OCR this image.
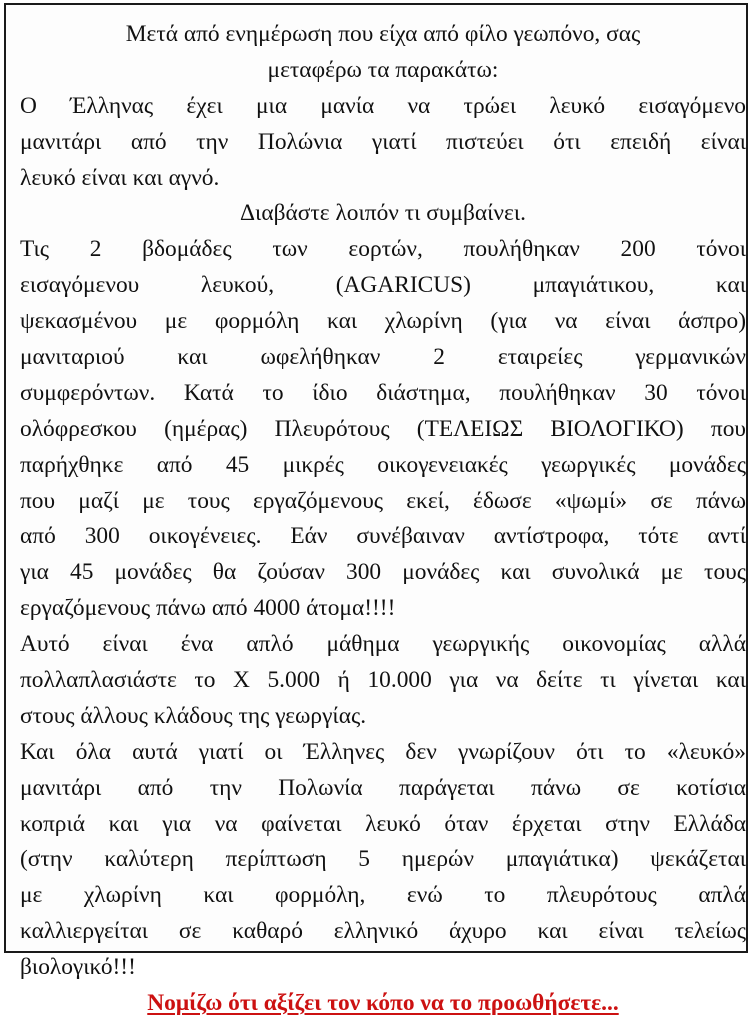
Μετά από ενημέρωση που είχα από φίλο γεωπόνο, σας
μεταφέρω τα παρακάτω:
Ο Έλληνας έχει μια μανία να τρώει λευκό εισαγόμενο
μανιτάρι από την Πολώνια γιατί πιστεύει ότι επειδή είναι
λευκό είναι και αγνό.
Διαβάστε λοιπόν τι συμβαίνει.
Τις 2 βδομάδες των εορτών, πουλήθηκαν 200 τόνοι
εισαγόμενου λευκού, (AGARICUS) μπαγιάτικου, και
ψεκασμένου με φορμόλη και χλωρίνη (για να είναι άσπρο)
μανιταριού και ωφελήθηκαν 2 εταιρείες γερμανικών
συμφερόντων. Κατά το ίδιο διάστημα, πουλήθηκαν 30 τόνοι
ολόφρεσκου (ημέρας) Πλευρότους (ΤΕΛΕΙΩΣ ΒΙΟΛΟΓΙΚΟ) που
παρήχθηκε από 45 μικρές οικογενειακές γεωργικές μονάδες
που μαζί με τους εργαζόμενους εκεί, έδωσε «ψωμί» σε πάνω
από 300 οικογένειες. Εάν συνέβαιναν αντίστροφα, τότε αντί
για 45 μονάδες θα ζούσαν 300 μονάδες και συνολικά με τους
εργαζόμενους πάνω από 4000 άτομα!!!!
Αυτό είναι ένα απλό μάθημα γεωργικής οικονομίας αλλά
πολλαπλασιάστε το Χ 5.000 ή 10.000 για να δείτε τι γίνεται και
στους άλλους κλάδους της γεωργίας.
Και όλα αυτά γιατί οι Έλληνες δεν γνωρίζουν ότι το «λευκό»
μανιτάρι από την Πολωνία παράγεται πάνω σε κοτίσια
κοπριά και για να φαίνεται λευκό όταν έρχεται στην Ελλάδα
(στην καλύτερη περίπτωση 5 ημερών μπαγιάτικα) ψεκάζεται
με χλωρίνη και φορμόλη, ενώ το πλευρότους απλά
καλλιεργείται σε καθαρό ελληνικό άχυρο και είναι τελείως
βιολογικό!!!
Νομίζω ότι αξίζει τον κόπο να το προωθήσετε...
